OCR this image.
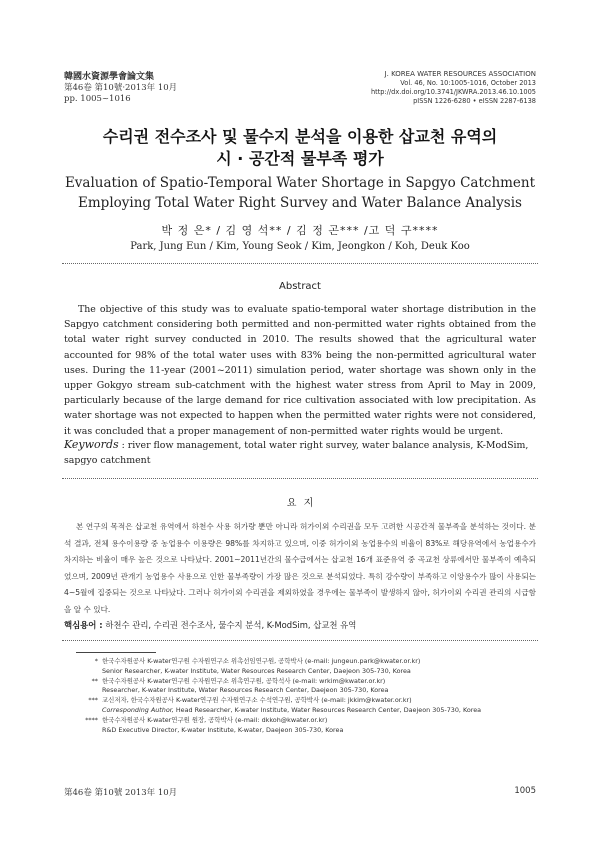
韓國水資源學會論文集
第46卷 第10號·2013年 10月
pp. 1005~1016
J. KOREA WATER RESOURCES ASSOCIATION
Vol. 46, No. 10:1005-1016, October 2013
http://dx.doi.org/10.3741/JKWRA.2013.46.10.1005
pISSN 1226-6280 • eISSN 2287-6138
수리권 전수조사 및 물수지 분석을 이용한 삽교천 유역의
시 · 공간적 물부족 평가
Evaluation of Spatio-Temporal Water Shortage in Sapgyo Catchment
Employing Total Water Right Survey and Water Balance Analysis
박 정 은* / 김 영 석** / 김 정 곤*** /고 덕 구****
Park, Jung Eun / Kim, Young Seok / Kim, Jeongkon / Koh, Deuk Koo
Abstract
The objective of this study was to evaluate spatio-temporal water shortage distribution in the Sapgyo catchment considering both permitted and non-permitted water rights obtained from the total water right survey conducted in 2010. The results showed that the agricultural water accounted for 98% of the total water uses with 83% being the non-permitted agricultural water uses. During the 11-year (2001~2011) simulation period, water shortage was shown only in the upper Gokgyo stream sub-catchment with the highest water stress from April to May in 2009, particularly because of the large demand for rice cultivation associated with low precipitation. As water shortage was not expected to happen when the permitted water rights were not considered, it was concluded that a proper management of non-permitted water rights would be urgent.
Keywords : river flow management, total water right survey, water balance analysis, K-ModSim, sapgyo catchment
요 지
본 연구의 목적은 삽교천 유역에서 하천수 사용 허가량 뿐만 아니라 허가이외 수리권을 모두 고려한 시공간적 물부족을 분석하는 것이다. 분석 결과, 전체 용수이용량 중 농업용수 이용량은 98%를 차지하고 있으며, 이중 허가이외 농업용수의 비율이 83%로 해당유역에서 농업용수가 차지하는 비율이 매우 높은 것으로 나타났다. 2001~2011년간의 물수급에서는 삽교천 16개 표준유역 중 곡교천 상류에서만 물부족이 예측되었으며, 2009년 관개기 농업용수 사용으로 인한 물부족량이 가장 많은 것으로 분석되었다. 특히 강수량이 부족하고 이앙용수가 많이 사용되는 4~5월에 집중되는 것으로 나타났다. 그러나 허가이외 수리권을 제외하였을 경우에는 물부족이 발생하지 않아, 허가이외 수리권 관리의 시급함을 알 수 있다.
핵심용어 : 하천수 관리, 수리권 전수조사, 물수지 분석, K-ModSim, 삽교천 유역
* 한국수자원공사 K-water연구원 수자원연구소 위촉선임연구원, 공학박사 (e-mail: jungeun.park@kwater.or.kr)
Senior Researcher, K-water Institute, Water Resources Research Center, Daejeon 305-730, Korea
** 한국수자원공사 K-water연구원 수자원연구소 위촉연구원, 공학석사 (e-mail: wrkim@kwater.or.kr)
Researcher, K-water Institute, Water Resources Research Center, Daejeon 305-730, Korea
*** 교신저자, 한국수자원공사 K-water연구원 수자원연구소 수석연구원, 공학박사 (e-mail: jkkim@kwater.or.kr)
Corresponding Author, Head Researcher, K-water Institute, Water Resources Research Center, Daejeon 305-730, Korea
**** 한국수자원공사 K-water연구원 원장, 공학박사 (e-mail: dkkoh@kwater.or.kr)
R&D Executive Director, K-water Institute, K-water, Daejeon 305-730, Korea
第46卷 第10號 2013年 10月	1005
